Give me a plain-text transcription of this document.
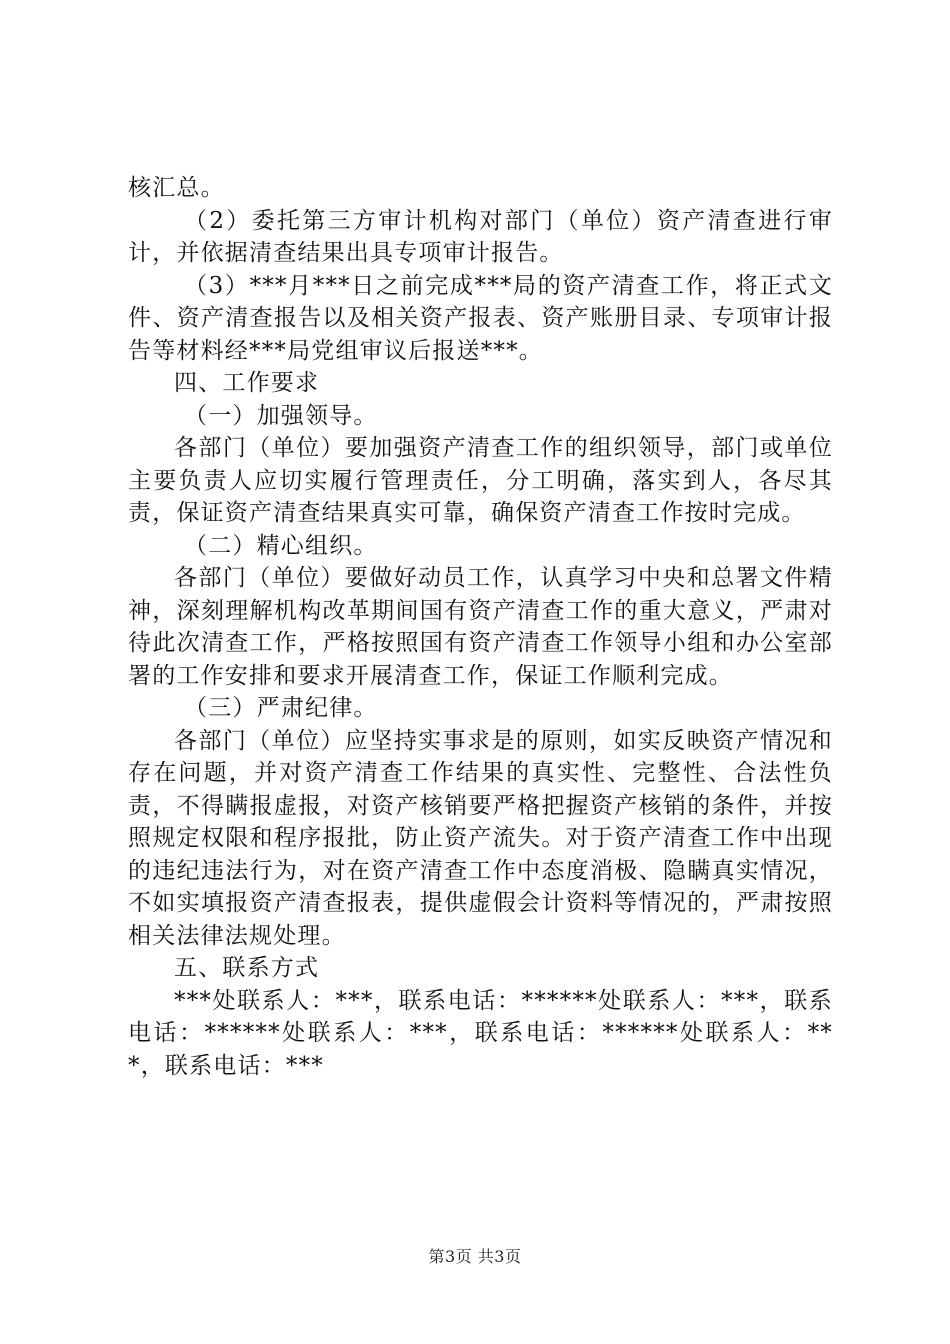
核汇总。

（2）委托第三方审计机构对部门（单位）资产清查进行审计，并依据清查结果出具专项审计报告。

（3）***月***日之前完成***局的资产清查工作，将正式文件、资产清查报告以及相关资产报表、资产账册目录、专项审计报告等材料经***局党组审议后报送***。

四、工作要求

（一）加强领导。

各部门（单位）要加强资产清查工作的组织领导，部门或单位主要负责人应切实履行管理责任，分工明确，落实到人，各尽其责，保证资产清查结果真实可靠，确保资产清查工作按时完成。

（二）精心组织。

各部门（单位）要做好动员工作，认真学习中央和总署文件精神，深刻理解机构改革期间国有资产清查工作的重大意义，严肃对待此次清查工作，严格按照国有资产清查工作领导小组和办公室部署的工作安排和要求开展清查工作，保证工作顺利完成。

（三）严肃纪律。

各部门（单位）应坚持实事求是的原则，如实反映资产情况和存在问题，并对资产清查工作结果的真实性、完整性、合法性负责，不得瞒报虚报，对资产核销要严格把握资产核销的条件，并按照规定权限和程序报批，防止资产流失。对于资产清查工作中出现的违纪违法行为，对在资产清查工作中态度消极、隐瞒真实情况，不如实填报资产清查报表，提供虚假会计资料等情况的，严肃按照相关法律法规处理。

五、联系方式

***处联系人：***，联系电话：******处联系人：***，联系电话：******处联系人：***，联系电话：******处联系人：***，联系电话：***

第3页 共3页
